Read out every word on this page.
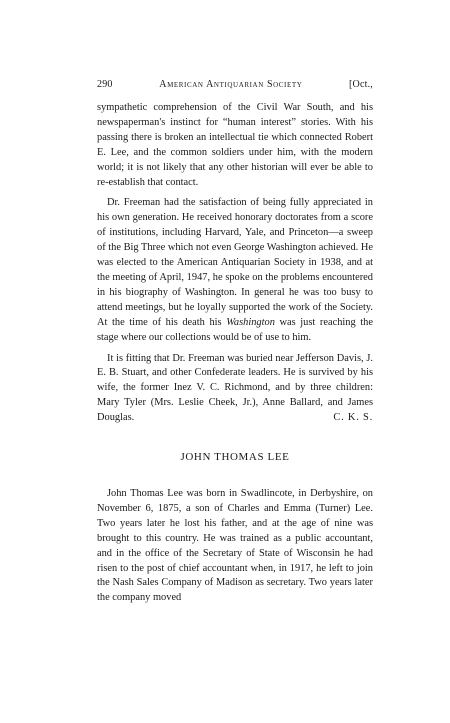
290	American Antiquarian Society	[Oct.,

sympathetic comprehension of the Civil War South, and his newspaperman's instinct for “human interest” stories. With his passing there is broken an intellectual tie which connected Robert E. Lee, and the common soldiers under him, with the modern world; it is not likely that any other historian will ever be able to re-establish that contact.

Dr. Freeman had the satisfaction of being fully appreciated in his own generation. He received honorary doctorates from a score of institutions, including Harvard, Yale, and Princeton—a sweep of the Big Three which not even George Washington achieved. He was elected to the American Antiquarian Society in 1938, and at the meeting of April, 1947, he spoke on the problems encountered in his biography of Washington. In general he was too busy to attend meetings, but he loyally supported the work of the Society. At the time of his death his Washington was just reaching the stage where our collections would be of use to him.

It is fitting that Dr. Freeman was buried near Jefferson Davis, J. E. B. Stuart, and other Confederate leaders. He is survived by his wife, the former Inez V. C. Richmond, and by three children: Mary Tyler (Mrs. Leslie Cheek, Jr.), Anne Ballard, and James Douglas.	C. K. S.

JOHN THOMAS LEE

John Thomas Lee was born in Swadlincote, in Derbyshire, on November 6, 1875, a son of Charles and Emma (Turner) Lee. Two years later he lost his father, and at the age of nine was brought to this country. He was trained as a public accountant, and in the office of the Secretary of State of Wisconsin he had risen to the post of chief accountant when, in 1917, he left to join the Nash Sales Company of Madison as secretary. Two years later the company moved
